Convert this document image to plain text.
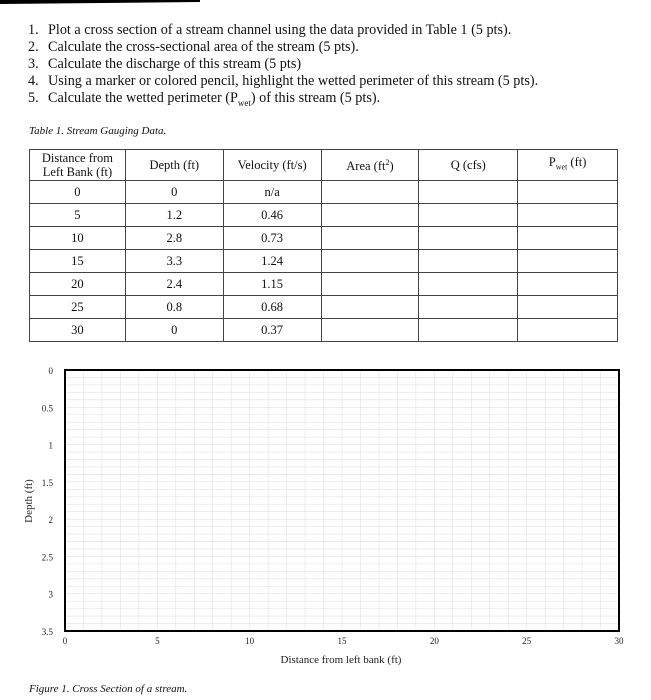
1. Plot a cross section of a stream channel using the data provided in Table 1 (5 pts).
2. Calculate the cross-sectional area of the stream (5 pts).
3. Calculate the discharge of this stream (5 pts)
4. Using a marker or colored pencil, highlight the wetted perimeter of this stream (5 pts).
5. Calculate the wetted perimeter $(P_{wet})$ of this stream (5 pts).
Table 1. Stream Gauging Data.
Distance from Left Bank (ft)	Depth (ft)	Velocity (ft/s)	Area $(ft^2)$	Q (cfs)	$P_{wet}$ (ft)
0	0	n/a			
5	1.2	0.46			
10	2.8	0.73			
15	3.3	1.24			
20	2.4	1.15			
25	0.8	0.68			
30	0	0.37			
0
0.5
1
1.5
2
2.5
3
3.5
0	5	10	15	20	25	30
Distance from left bank (ft)
Depth (ft)
Figure 1. Cross Section of a stream.
